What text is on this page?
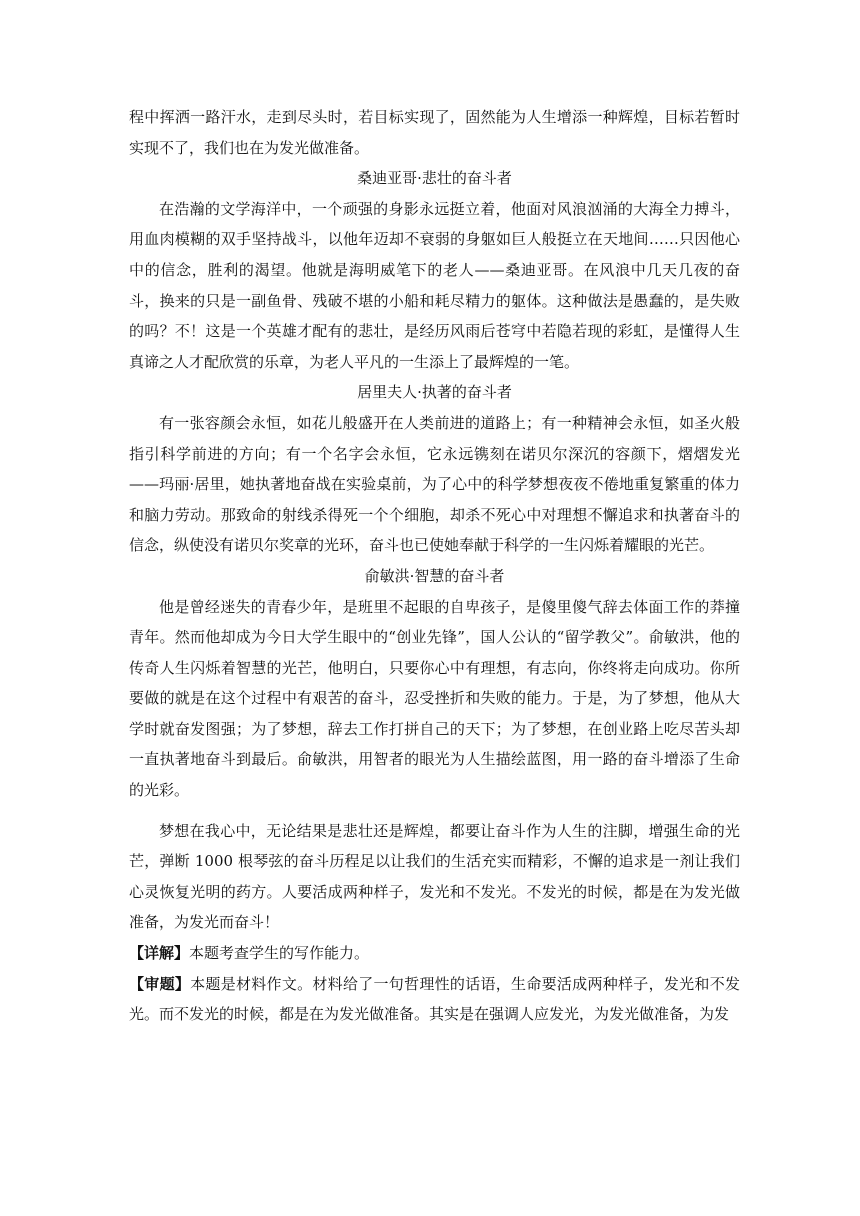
程中挥洒一路汗水，走到尽头时，若目标实现了，固然能为人生增添一种辉煌，目标若暂时实现不了，我们也在为发光做准备。

桑迪亚哥·悲壮的奋斗者

在浩瀚的文学海洋中，一个顽强的身影永远挺立着，他面对风浪汹涌的大海全力搏斗，用血肉模糊的双手坚持战斗，以他年迈却不衰弱的身躯如巨人般挺立在天地间……只因他心中的信念，胜利的渴望。他就是海明威笔下的老人——桑迪亚哥。在风浪中几天几夜的奋斗，换来的只是一副鱼骨、残破不堪的小船和耗尽精力的躯体。这种做法是愚蠢的，是失败的吗？不！这是一个英雄才配有的悲壮，是经历风雨后苍穹中若隐若现的彩虹，是懂得人生真谛之人才配欣赏的乐章，为老人平凡的一生添上了最辉煌的一笔。

居里夫人·执著的奋斗者

有一张容颜会永恒，如花儿般盛开在人类前进的道路上；有一种精神会永恒，如圣火般指引科学前进的方向；有一个名字会永恒，它永远镌刻在诺贝尔深沉的容颜下，熠熠发光——玛丽·居里，她执著地奋战在实验桌前，为了心中的科学梦想夜夜不倦地重复繁重的体力和脑力劳动。那致命的射线杀得死一个个细胞，却杀不死心中对理想不懈追求和执著奋斗的信念，纵使没有诺贝尔奖章的光环，奋斗也已使她奉献于科学的一生闪烁着耀眼的光芒。

俞敏洪·智慧的奋斗者

他是曾经迷失的青春少年，是班里不起眼的自卑孩子，是傻里傻气辞去体面工作的莽撞青年。然而他却成为今日大学生眼中的“创业先锋”，国人公认的“留学教父”。俞敏洪，他的传奇人生闪烁着智慧的光芒，他明白，只要你心中有理想，有志向，你终将走向成功。你所要做的就是在这个过程中有艰苦的奋斗，忍受挫折和失败的能力。于是，为了梦想，他从大学时就奋发图强；为了梦想，辞去工作打拼自己的天下；为了梦想，在创业路上吃尽苦头却一直执著地奋斗到最后。俞敏洪，用智者的眼光为人生描绘蓝图，用一路的奋斗增添了生命的光彩。

梦想在我心中，无论结果是悲壮还是辉煌，都要让奋斗作为人生的注脚，增强生命的光芒，弹断 1000 根琴弦的奋斗历程足以让我们的生活充实而精彩，不懈的追求是一剂让我们心灵恢复光明的药方。人要活成两种样子，发光和不发光。不发光的时候，都是在为发光做准备，为发光而奋斗！

【详解】本题考查学生的写作能力。

【审题】本题是材料作文。材料给了一句哲理性的话语，生命要活成两种样子，发光和不发光。而不发光的时候，都是在为发光做准备。其实是在强调人应发光，为发光做准备，为发
